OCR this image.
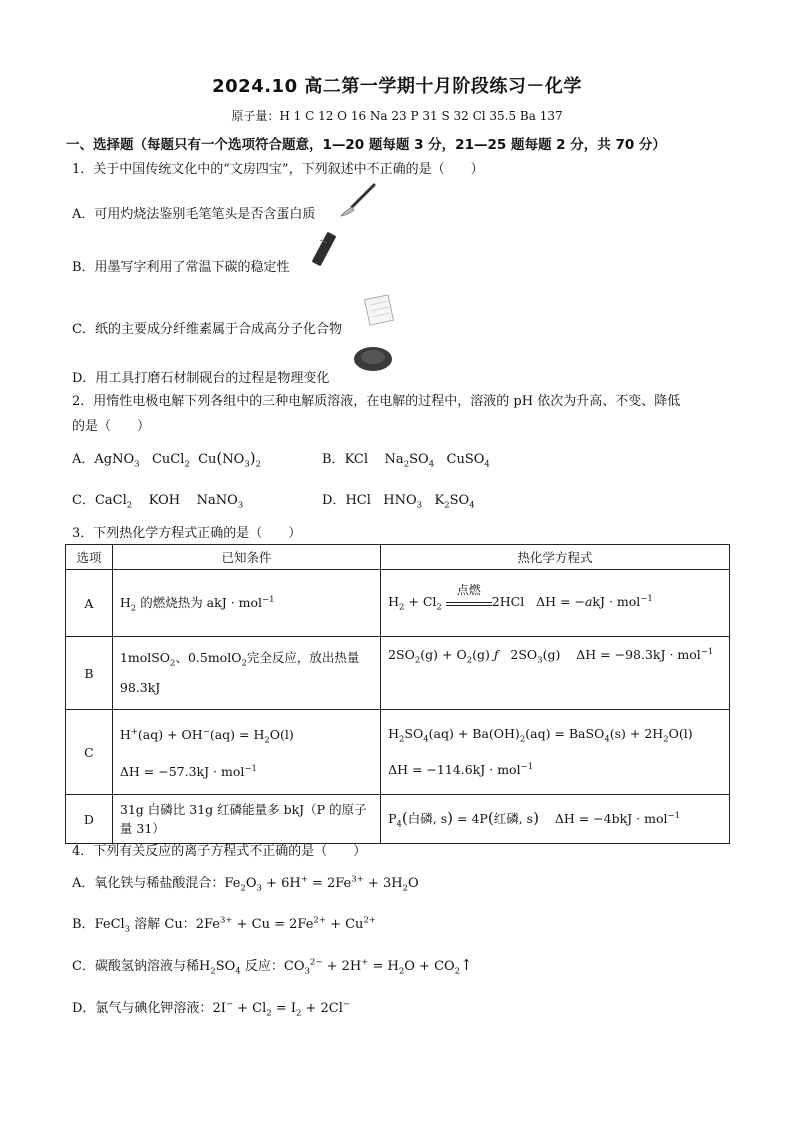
2024.10 高二第一学期十月阶段练习－化学
原子量：H 1 C 12 O 16 Na 23 P 31 S 32 Cl 35.5 Ba 137
一、选择题（每题只有一个选项符合题意，1—20 题每题 3 分，21—25 题每题 2 分，共 70 分）
1．关于中国传统文化中的“文房四宝”，下列叙述中不正确的是（　　）
A．可用灼烧法鉴别毛笔笔头是否含蛋白质
B．用墨写字利用了常温下碳的稳定性
C．纸的主要成分纤维素属于合成高分子化合物
D．用工具打磨石材制砚台的过程是物理变化
2．用惰性电极电解下列各组中的三种电解质溶液，在电解的过程中，溶液的 pH 依次为升高、不变、降低
的是（　　）
A．AgNO$_3$   CuCl$_2$  $Cu(NO_3)_2$	B．KCl    $Na_2SO_4$   CuSO$_4$
C．CaCl$_2$    KOH    NaNO$_3$	D．HCl   $HNO_3$   $K_2SO_4$
3．下列热化学方程式正确的是（　　）
选项	已知条件	热化学方程式
A	$H_2$ 的燃烧热为 akJ · mol$^{-1}$	$H_2 + Cl_2$
点燃
2HCl   ΔH = −akJ · mol$^{-1}$
B	1molSO$_2$、0.5molO$_2$完全反应，放出热量 98.3kJ	$2SO_2(g) + O_2(g)$ ƒ   $2SO_3(g)$    ΔH = −98.3kJ · mol$^{-1}$
C	$H^+(aq) + OH^-(aq) = H_2O(l)$
ΔH = −57.3kJ · mol$^{-1}$	$H_2SO_4(aq) + Ba(OH)_2(aq)$ = BaSO$_4$(s) + $2H_2O(l)$
ΔH = −114.6kJ · mol$^{-1}$
D	31g 白磷比 31g 红磷能量多 bkJ（P 的原子量 31）	$P_4$(白磷, s) = 4P(红磷, s)    ΔH = −4bkJ · mol$^{-1}$
4．下列有关反应的离子方程式不正确的是（　　）
A．氧化铁与稀盐酸混合：$Fe_2O_3 + 6H^+ = 2Fe^{3+} + 3H_2O$
B．FeCl$_3$ 溶解 Cu：$2Fe^{3+} + Cu = 2Fe^{2+} + Cu^{2+}$
C．碳酸氢钠溶液与稀$H_2SO_4$ 反应：$CO_3^{2-} + 2H^+ = H_2O$ + $CO_2↑$
D．氯气与碘化钾溶液：$2I^- + Cl_2 = I_2 + 2Cl^-$
